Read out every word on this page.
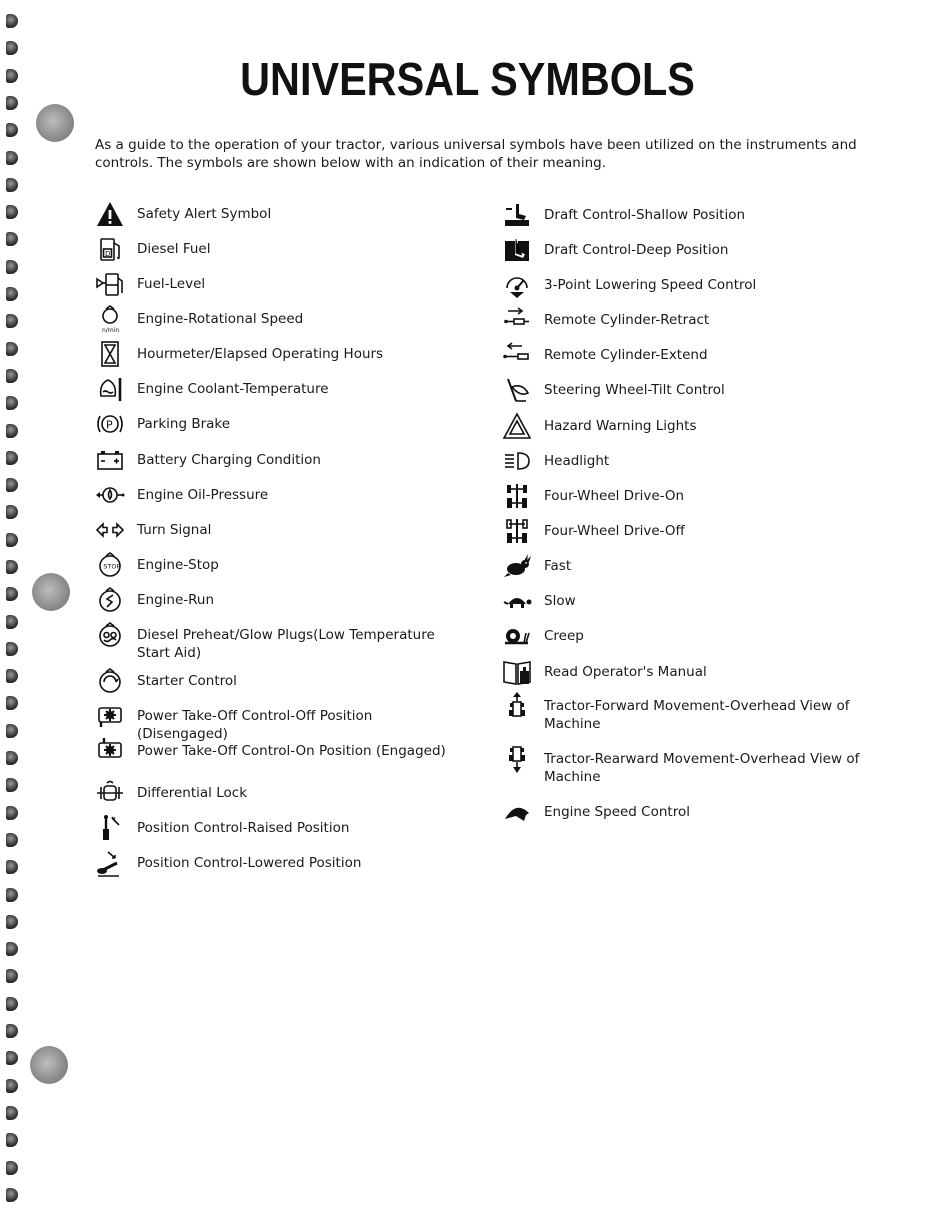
UNIVERSAL SYMBOLS
As a guide to the operation of your tractor, various universal symbols have been utilized on the instruments and controls. The symbols are shown below with an indication of their meaning.
Safety Alert Symbol
D Diesel Fuel
Fuel-Level
n/min
Engine-Rotational Speed
Hourmeter/Elapsed Operating Hours
Engine Coolant-Temperature
P Parking Brake
Battery Charging Condition
Engine Oil-Pressure
Turn Signal
STOP Engine-Stop
Engine-Run
Diesel Preheat/Glow Plugs(Low Temperature Start Aid)
Starter Control
Power Take-Off Control-Off Position (Disengaged)
Power Take-Off Control-On Position (Engaged)
Differential Lock
Position Control-Raised Position
Position Control-Lowered Position
Draft Control-Shallow Position
Draft Control-Deep Position
3-Point Lowering Speed Control
Remote Cylinder-Retract
Remote Cylinder-Extend
Steering Wheel-Tilt Control
Hazard Warning Lights
Headlight
Four-Wheel Drive-On
Four-Wheel Drive-Off
Fast
Slow
Creep
Read Operator's Manual
Tractor-Forward Movement-Overhead View of Machine
Tractor-Rearward Movement-Overhead View of Machine
Engine Speed Control
